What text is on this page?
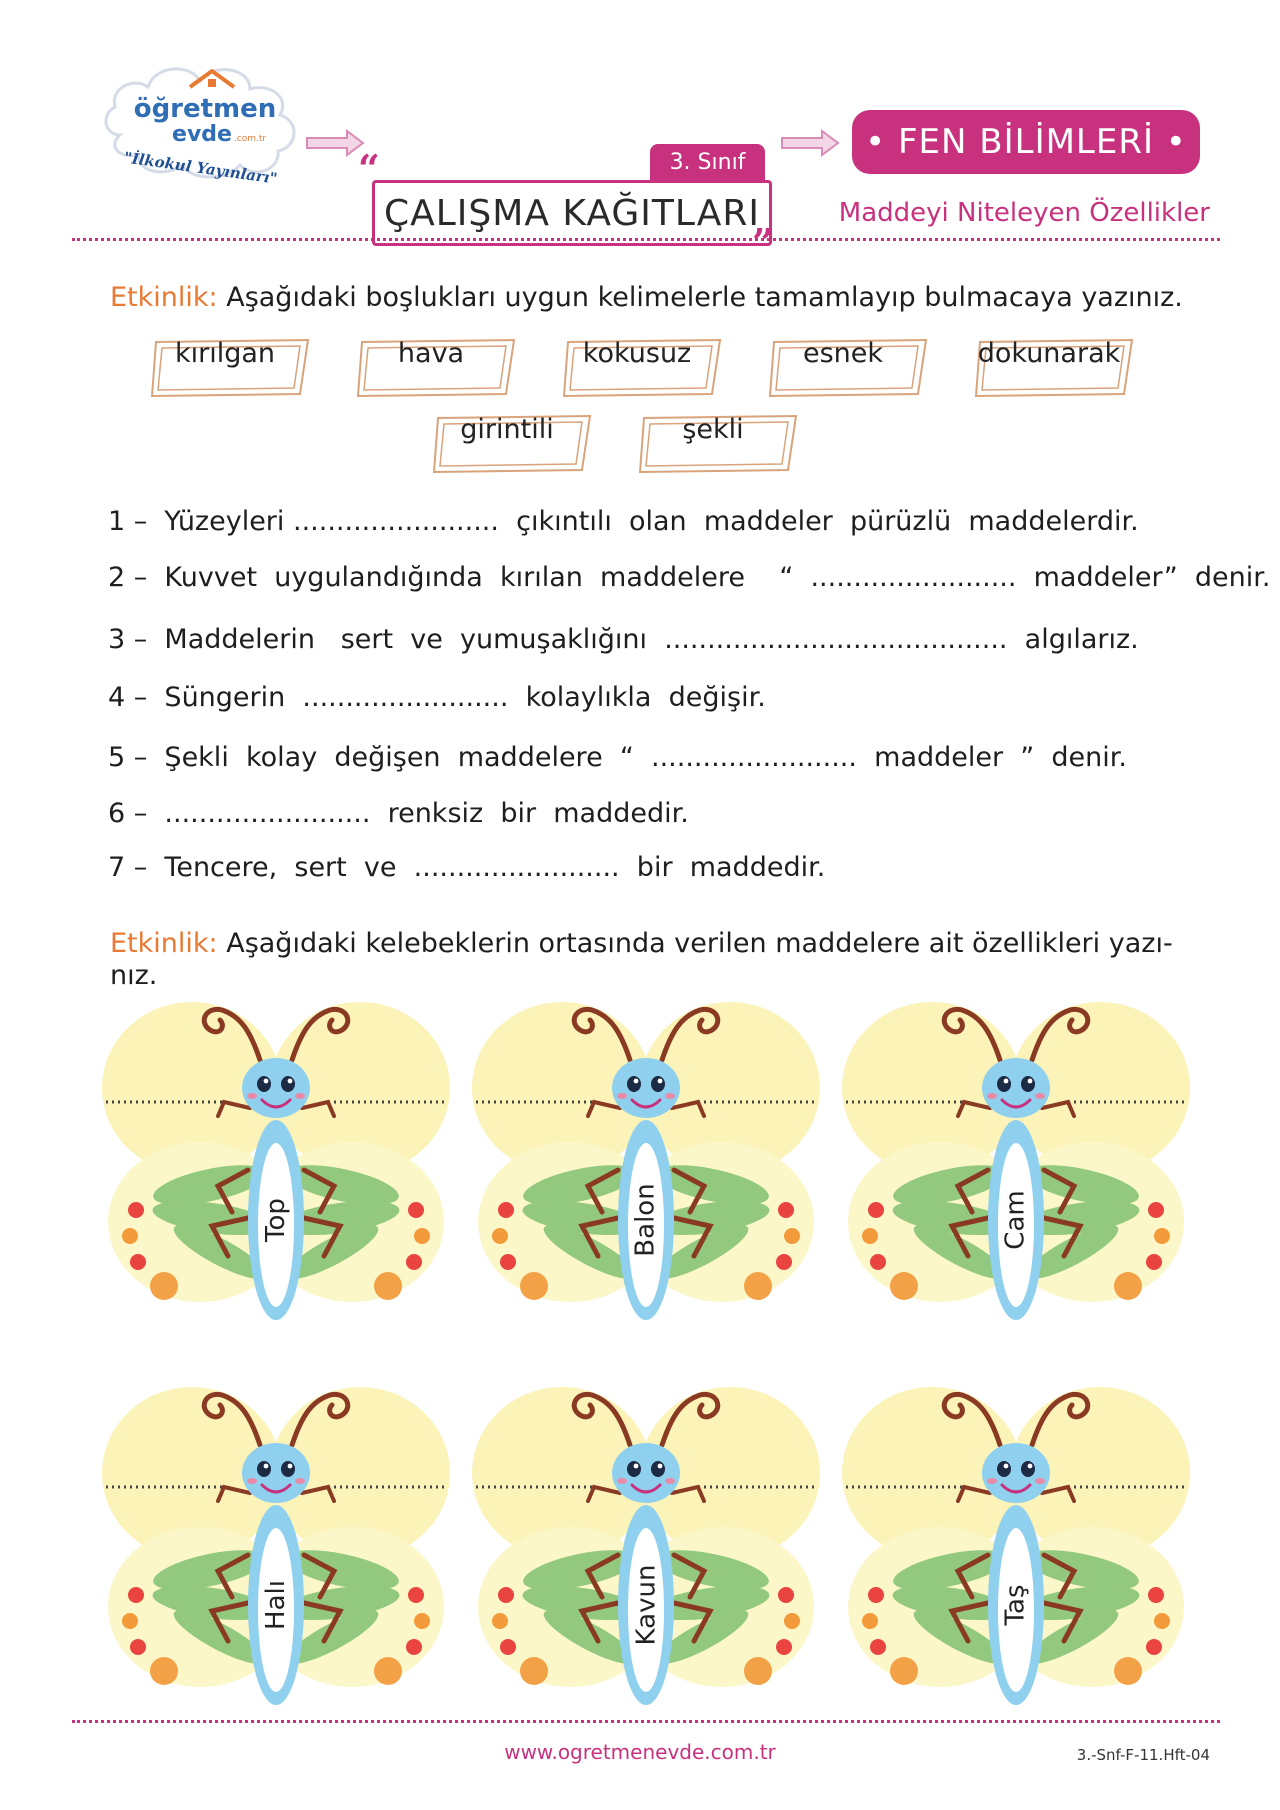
öğretmen
evde .com.tr
"İlkokul Yayınları"	3. Sınıf
ÇALIŞMA KAĞITLARI
“
”
• FEN BİLİMLERİ •
Maddeyi Niteleyen Özellikler
Etkinlik: Aşağıdaki boşlukları uygun kelimelerle tamamlayıp bulmacaya yazınız.
kırılgan	hava	kokusuz	esnek	dokunarak
girintili	şekli
1 –  Yüzeyleri ........................  çıkıntılı  olan  maddeler  pürüzlü  maddelerdir.
2 –  Kuvvet  uygulandığında  kırılan  maddelere    “  ........................  maddeler”  denir.
3 –  Maddelerin   sert  ve  yumuşaklığını  ........................................  algılarız.
4 –  Süngerin  ........................  kolaylıkla  değişir.
5 –  Şekli  kolay  değişen  maddelere  “  ........................  maddeler  ”  denir.
6 –  ........................  renksiz  bir  maddedir.
7 –  Tencere,  sert  ve  ........................  bir  maddedir.
Etkinlik: Aşağıdaki kelebeklerin ortasında verilen maddelere ait özellikleri yazı-
nız.
Top	Balon	Cam
Halı	Kavun	Taş
www.ogretmenevde.com.tr	3.-Snf-F-11.Hft-04
